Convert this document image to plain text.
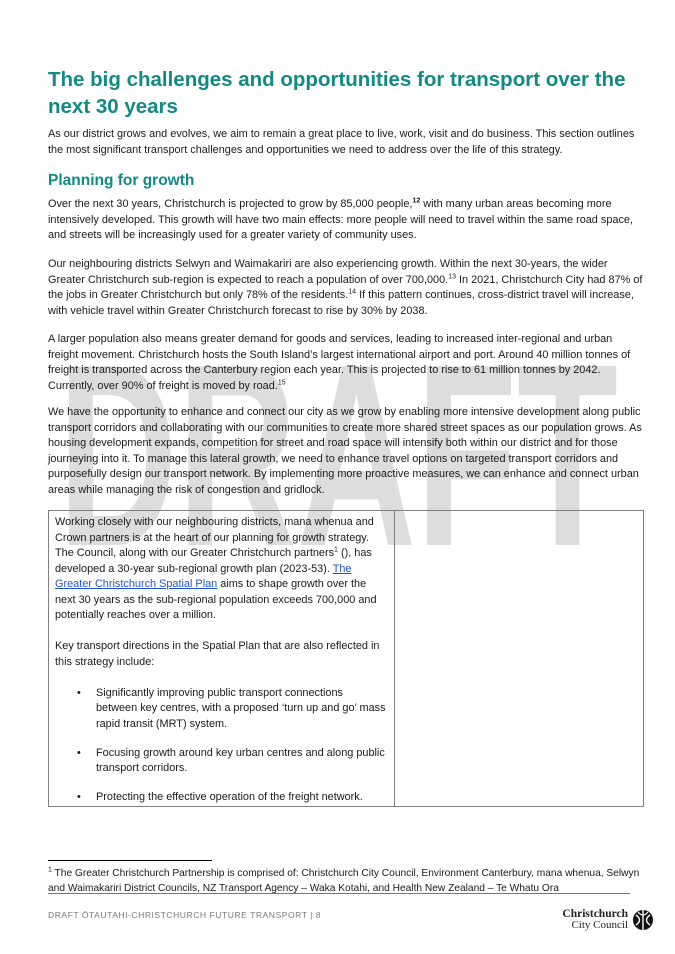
DRAFT
The big challenges and opportunities for transport over the next 30 years

As our district grows and evolves, we aim to remain a great place to live, work, visit and do business. This section outlines the most significant transport challenges and opportunities we need to address over the life of this strategy.

Planning for growth

Over the next 30 years, Christchurch is projected to grow by 85,000 people,$^{12}$ with many urban areas becoming more intensively developed. This growth will have two main effects: more people will need to travel within the same road space, and streets will be increasingly used for a greater variety of community uses.

Our neighbouring districts Selwyn and Waimakariri are also experiencing growth. Within the next 30-years, the wider Greater Christchurch sub-region is expected to reach a population of over 700,000.13 In 2021, Christchurch City had 87% of the jobs in Greater Christchurch but only 78% of the residents.$^{14}$ If this pattern continues, cross-district travel will increase, with vehicle travel within Greater Christchurch forecast to rise by 30% by 2038.

A larger population also means greater demand for goods and services, leading to increased inter-regional and urban freight movement. Christchurch hosts the South Island’s largest international airport and port. Around 40 million tonnes of freight is transported across the Canterbury region each year. This is projected to rise to 61 million tonnes by 2042. Currently, over 90% of freight is moved by road.$^{15}$

We have the opportunity to enhance and connect our city as we grow by enabling more intensive development along public transport corridors and collaborating with our communities to create more shared street spaces as our population grows. As housing development expands, competition for street and road space will intensify both within our district and for those journeying into it. To manage this lateral growth, we need to enhance travel options on targeted transport corridors and purposefully design our transport network. By implementing more proactive measures, we can enhance and connect urban areas while managing the risk of congestion and gridlock.

Working closely with our neighbouring districts, mana whenua and Crown partners is at the heart of our planning for growth strategy. The Council, along with our Greater Christchurch partners$^1$ (), has developed a 30-year sub-regional growth plan (2023-53). The Greater Christchurch Spatial Plan aims to shape growth over the next 30 years as the sub-regional population exceeds 700,000 and potentially reaches over a million.

Key transport directions in the Spatial Plan that are also reflected in this strategy include:

• Significantly improving public transport connections between key centres, with a proposed ‘turn up and go’ mass rapid transit (MRT) system.
• Focusing growth around key urban centres and along public transport corridors.
• Protecting the effective operation of the freight network.
$^1$ The Greater Christchurch Partnership is comprised of: Christchurch City Council, Environment Canterbury, mana whenua, Selwyn and Waimakariri District Councils, NZ Transport Agency – Waka Kotahi, and Health New Zealand – Te Whatu Ora
DRAFT ŌTAUTAHI-CHRISTCHURCH FUTURE TRANSPORT | 8	Christchurch
City Council
